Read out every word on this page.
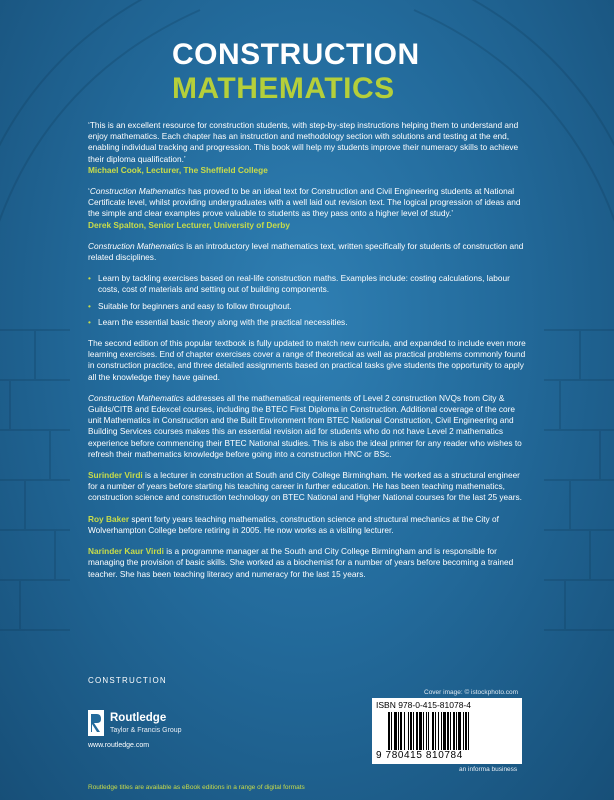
CONSTRUCTION
MATHEMATICS

‘This is an excellent resource for construction students, with step-by-step instructions helping them to understand and enjoy mathematics. Each chapter has an instruction and methodology section with solutions and testing at the end, enabling individual tracking and progression. This book will help my students improve their numeracy skills to achieve their diploma qualification.’
Michael Cook, Lecturer, The Sheffield College

‘Construction Mathematics has proved to be an ideal text for Construction and Civil Engineering students at National Certificate level, whilst providing undergraduates with a well laid out revision text. The logical progression of ideas and the simple and clear examples prove valuable to students as they pass onto a higher level of study.’
Derek Spalton, Senior Lecturer, University of Derby

Construction Mathematics is an introductory level mathematics text, written specifically for students of construction and related disciplines.

• Learn by tackling exercises based on real-life construction maths. Examples include: costing calculations, labour costs, cost of materials and setting out of building components.
• Suitable for beginners and easy to follow throughout.
• Learn the essential basic theory along with the practical necessities.

The second edition of this popular textbook is fully updated to match new curricula, and expanded to include even more learning exercises. End of chapter exercises cover a range of theoretical as well as practical problems commonly found in construction practice, and three detailed assignments based on practical tasks give students the opportunity to apply all the knowledge they have gained.

Construction Mathematics addresses all the mathematical requirements of Level 2 construction NVQs from City & Guilds/CITB and Edexcel courses, including the BTEC First Diploma in Construction. Additional coverage of the core unit Mathematics in Construction and the Built Environment from BTEC National Construction, Civil Engineering and Building Services courses makes this an essential revision aid for students who do not have Level 2 mathematics experience before commencing their BTEC National studies. This is also the ideal primer for any reader who wishes to refresh their mathematics knowledge before going into a construction HNC or BSc.

Surinder Virdi is a lecturer in construction at South and City College Birmingham. He worked as a structural engineer for a number of years before starting his teaching career in further education. He has been teaching mathematics, construction science and construction technology on BTEC National and Higher National courses for the last 25 years.

Roy Baker spent forty years teaching mathematics, construction science and structural mechanics at the City of Wolverhampton College before retiring in 2005. He now works as a visiting lecturer.

Narinder Kaur Virdi is a programme manager at the South and City College Birmingham and is responsible for managing the provision of basic skills. She worked as a biochemist for a number of years before becoming a trained teacher. She has been teaching literacy and numeracy for the last 15 years.

CONSTRUCTION
Cover image: © istockphoto.com
ISBN 978-0-415-81078-4
9 780415 810784
an informa business
Routledge
Taylor & Francis Group
www.routledge.com
Routledge titles are available as eBook editions in a range of digital formats
